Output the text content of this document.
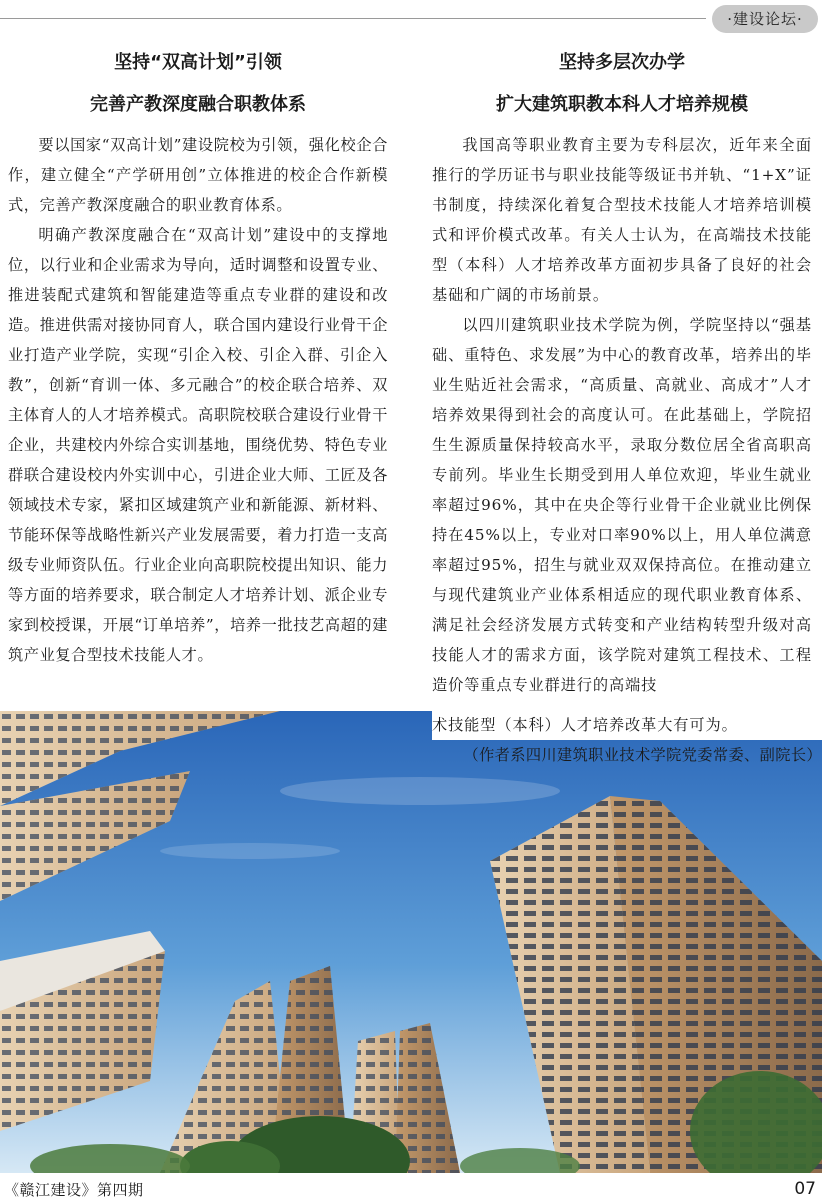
·建设论坛·
坚持“双高计划”引领
完善产教深度融合职教体系

要以国家“双高计划”建设院校为引领，强化校企合作，建立健全“产学研用创”立体推进的校企合作新模式，完善产教深度融合的职业教育体系。

明确产教深度融合在“双高计划”建设中的支撑地位，以行业和企业需求为导向，适时调整和设置专业、推进装配式建筑和智能建造等重点专业群的建设和改造。推进供需对接协同育人，联合国内建设行业骨干企业打造产业学院，实现“引企入校、引企入群、引企入教”，创新“育训一体、多元融合”的校企联合培养、双主体育人的人才培养模式。高职院校联合建设行业骨干企业，共建校内外综合实训基地，围绕优势、特色专业群联合建设校内外实训中心，引进企业大师、工匠及各领域技术专家，紧扣区域建筑产业和新能源、新材料、节能环保等战略性新兴产业发展需要，着力打造一支高级专业师资队伍。行业企业向高职院校提出知识、能力等方面的培养要求，联合制定人才培养计划、派企业专家到校授课，开展“订单培养”，培养一批技艺高超的建筑产业复合型技术技能人才。

坚持多层次办学
扩大建筑职教本科人才培养规模

我国高等职业教育主要为专科层次，近年来全面推行的学历证书与职业技能等级证书并轨、“1+X”证书制度，持续深化着复合型技术技能人才培养培训模式和评价模式改革。有关人士认为，在高端技术技能型（本科）人才培养改革方面初步具备了良好的社会基础和广阔的市场前景。

以四川建筑职业技术学院为例，学院坚持以“强基础、重特色、求发展”为中心的教育改革，培养出的毕业生贴近社会需求，“高质量、高就业、高成才”人才培养效果得到社会的高度认可。在此基础上，学院招生生源质量保持较高水平，录取分数位居全省高职高专前列。毕业生长期受到用人单位欢迎，毕业生就业率超过96%，其中在央企等行业骨干企业就业比例保持在45%以上，专业对口率90%以上，用人单位满意率超过95%，招生与就业双双保持高位。在推动建立与现代建筑业产业体系相适应的现代职业教育体系、满足社会经济发展方式转变和产业结构转型升级对高技能人才的需求方面，该学院对建筑工程技术、工程造价等重点专业群进行的高端技

术技能型（本科）人才培养改革大有可为。

（作者系四川建筑职业技术学院党委常委、副院长）
《赣江建设》第四期	07
